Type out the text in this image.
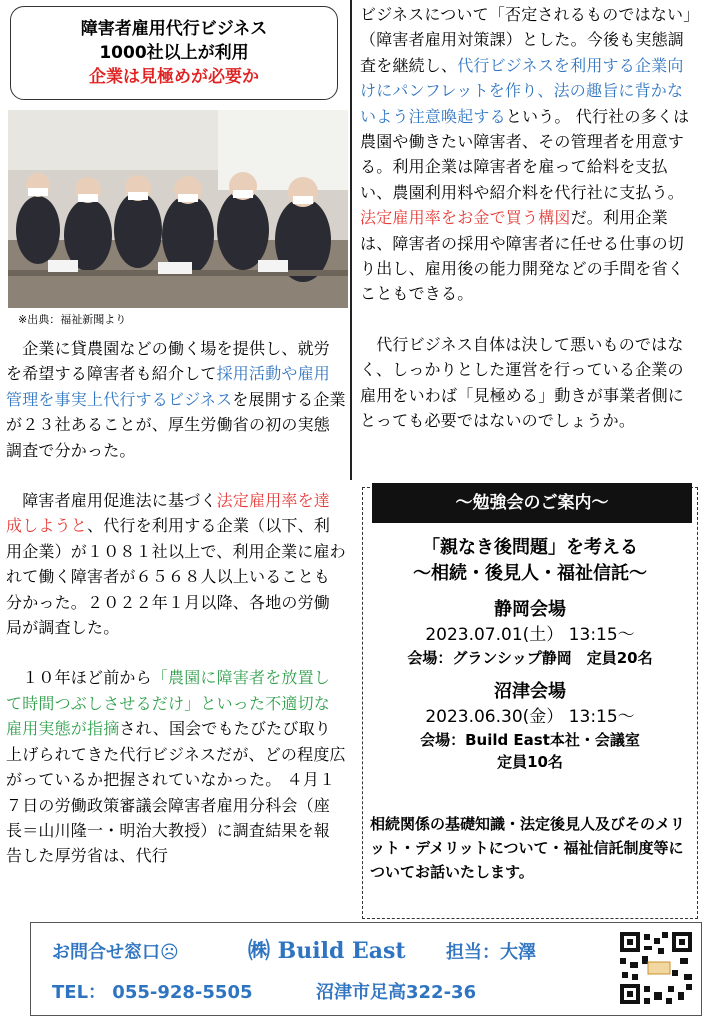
障害者雇用代行ビジネス
1000社以上が利用
企業は見極めが必要か
※出典：福祉新聞より

　企業に貸農園などの働く場を提供し、就労を希望する障害者も紹介して採用活動や雇用管理を事実上代行するビジネスを展開する企業が２３社あることが、厚生労働省の初の実態調査で分かった。

　障害者雇用促進法に基づく法定雇用率を達成しようと、代行を利用する企業（以下、利用企業）が１０８１社以上で、利用企業に雇われて働く障害者が６５６８人以上いることも分かった。２０２２年１月以降、各地の労働局が調査した。

　１０年ほど前から「農園に障害者を放置して時間つぶしさせるだけ」といった不適切な雇用実態が指摘され、国会でもたびたび取り上げられてきた代行ビジネスだが、どの程度広がっているか把握されていなかった。 ４月１７日の労働政策審議会障害者雇用分科会（座長＝山川隆一・明治大教授）に調査結果を報告した厚労省は、代行

ビジネスについて「否定されるものではない」（障害者雇用対策課）とした。今後も実態調査を継続し、代行ビジネスを利用する企業向けにパンフレットを作り、法の趣旨に背かないよう注意喚起するという。 代行社の多くは農園や働きたい障害者、その管理者を用意する。利用企業は障害者を雇って給料を支払い、農園利用料や紹介料を代行社に支払う。 法定雇用率をお金で買う構図だ。利用企業は、障害者の採用や障害者に任せる仕事の切り出し、雇用後の能力開発などの手間を省くこともできる。

　代行ビジネス自体は決して悪いものではなく、しっかりとした運営を行っている企業の雇用をいわば「見極める」動きが事業者側にとっても必要ではないのでしょうか。

～勉強会のご案内～
「親なき後問題」を考える
～相続・後見人・福祉信託～
静岡会場
2023.07.01(土） 13:15～
会場：グランシップ静岡　定員20名
沼津会場
2023.06.30(金） 13:15～
会場：Build East本社・会議室
定員10名
相続関係の基礎知識・法定後見人及びそのメリット・デメリットについて・福祉信託制度等についてお話いたします。
お問合せ窓口☹	㈱ Build East 担当：大澤
TEL： 055-928-5505	沼津市足高322-36
